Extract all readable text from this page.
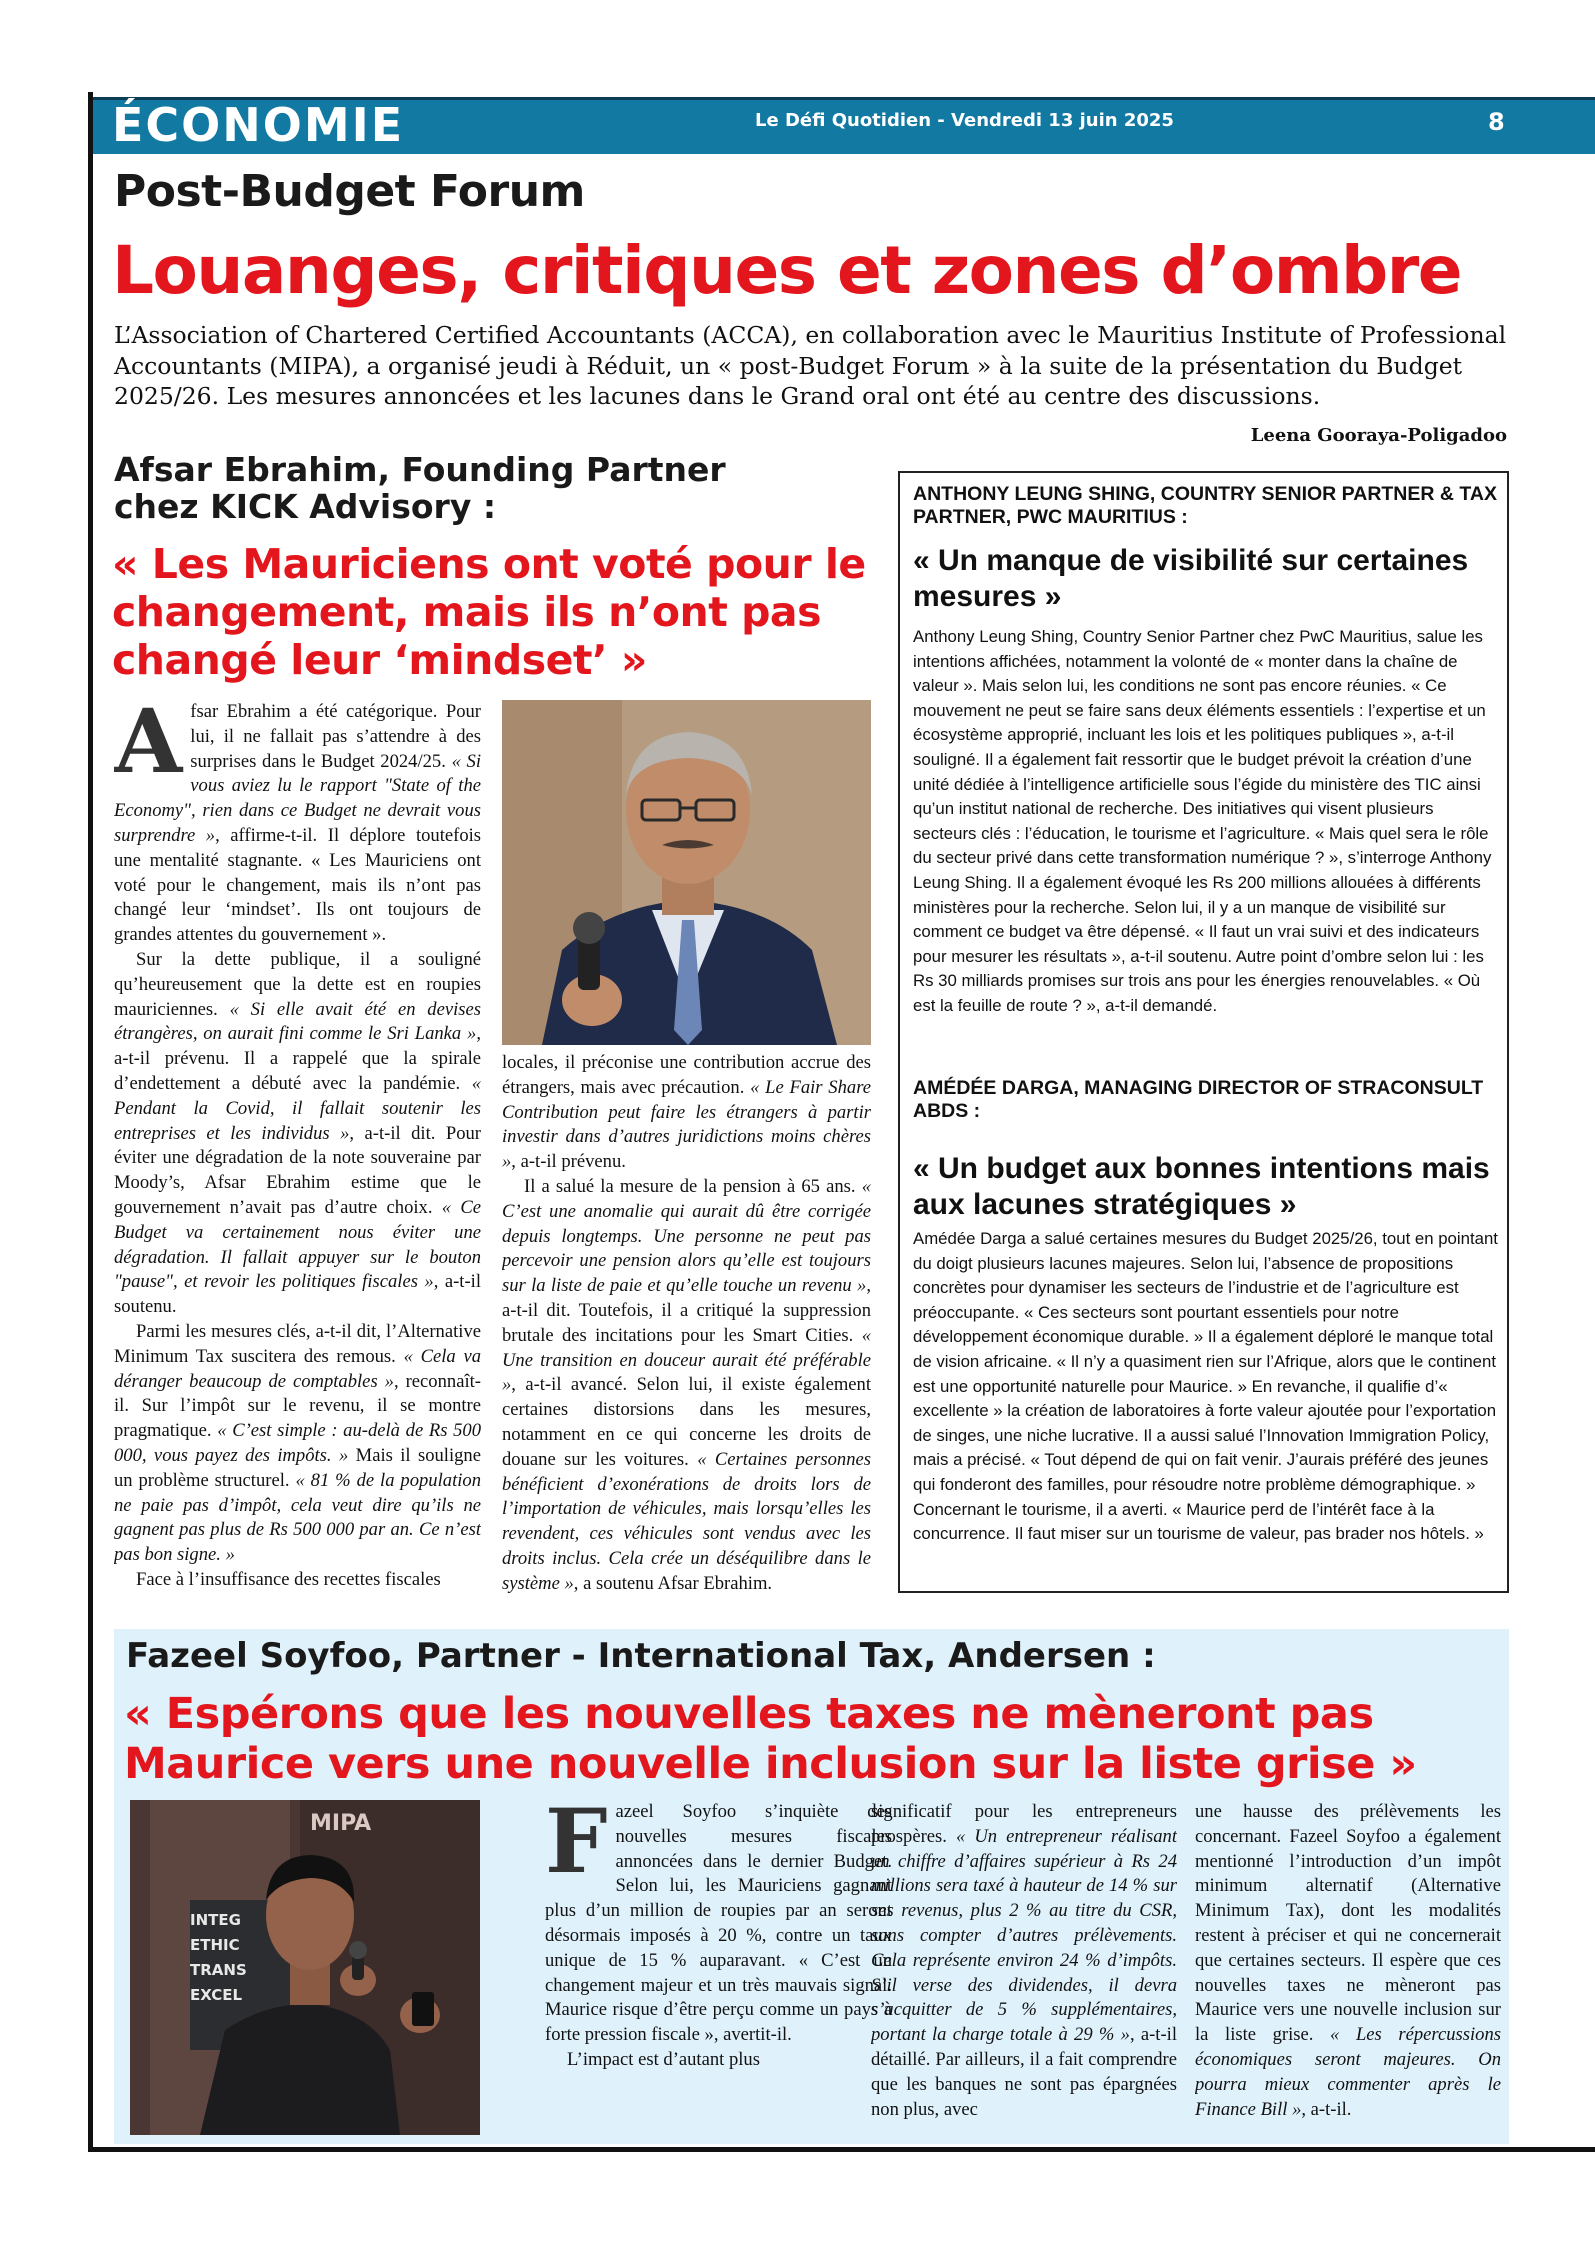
ÉCONOMIE	Le Défi Quotidien - Vendredi 13 juin 2025	8
Post-Budget Forum
Louanges, critiques et zones d’ombre
L’Association of Chartered Certified Accountants (ACCA), en collaboration avec le Mauritius Institute of Professional Accountants (MIPA), a organisé jeudi à Réduit, un « post-Budget Forum » à la suite de la présentation du Budget 2025/26. Les mesures annoncées et les lacunes dans le Grand oral ont été au centre des discussions.
Leena Gooraya-Poligadoo
Afsar Ebrahim, Founding Partner
chez KICK Advisory :
« Les Mauriciens ont voté pour le changement, mais ils n’ont pas changé leur ‘mindset’ »

Afsar Ebrahim a été catégorique. Pour lui, il ne fallait pas s’attendre à des surprises dans le Budget 2024/25. « Si vous aviez lu le rapport "State of the Economy", rien dans ce Budget ne devrait vous surprendre », affirme-t-il. Il déplore toutefois une mentalité stagnante. « Les Mauriciens ont voté pour le changement, mais ils n’ont pas changé leur ‘mindset’. Ils ont toujours de grandes attentes du gouvernement ».

Sur la dette publique, il a souligné qu’heureusement que la dette est en roupies mauriciennes. « Si elle avait été en devises étrangères, on aurait fini comme le Sri Lanka », a-t-il prévenu. Il a rappelé que la spirale d’endettement a débuté avec la pandémie. « Pendant la Covid, il fallait soutenir les entreprises et les individus », a-t-il dit. Pour éviter une dégradation de la note souveraine par Moody’s, Afsar Ebrahim estime que le gouvernement n’avait pas d’autre choix. « Ce Budget va certainement nous éviter une dégradation. Il fallait appuyer sur le bouton "pause", et revoir les politiques fiscales », a-t-il soutenu.

Parmi les mesures clés, a-t-il dit, l’Alternative Minimum Tax suscitera des remous. « Cela va déranger beaucoup de comptables », reconnaît-il. Sur l’impôt sur le revenu, il se montre pragmatique. « C’est simple : au-delà de Rs 500 000, vous payez des impôts. » Mais il souligne un problème structurel. « 81 % de la population ne paie pas d’impôt, cela veut dire qu’ils ne gagnent pas plus de Rs 500 000 par an. Ce n’est pas bon signe. »

Face à l’insuffisance des recettes fiscales

locales, il préconise une contribution accrue des étrangers, mais avec précaution. « Le Fair Share Contribution peut faire les étrangers à partir investir dans d’autres juridictions moins chères », a-t-il prévenu.

Il a salué la mesure de la pension à 65 ans. « C’est une anomalie qui aurait dû être corrigée depuis longtemps. Une personne ne peut pas percevoir une pension alors qu’elle est toujours sur la liste de paie et qu’elle touche un revenu », a-t-il dit. Toutefois, il a critiqué la suppression brutale des incitations pour les Smart Cities. « Une transition en douceur aurait été préférable », a-t-il avancé. Selon lui, il existe également certaines distorsions dans les mesures, notamment en ce qui concerne les droits de douane sur les voitures. « Certaines personnes bénéficient d’exonérations de droits lors de l’importation de véhicules, mais lorsqu’elles les revendent, ces véhicules sont vendus avec les droits inclus. Cela crée un déséquilibre dans le système », a soutenu Afsar Ebrahim.

ANTHONY LEUNG SHING, COUNTRY SENIOR PARTNER & TAX PARTNER, PWC MAURITIUS :
« Un manque de visibilité sur certaines mesures »
Anthony Leung Shing, Country Senior Partner chez PwC Mauritius, salue les intentions affichées, notamment la volonté de « monter dans la chaîne de valeur ». Mais selon lui, les conditions ne sont pas encore réunies. « Ce mouvement ne peut se faire sans deux éléments essentiels : l’expertise et un écosystème approprié, incluant les lois et les politiques publiques », a-t-il souligné. Il a également fait ressortir que le budget prévoit la création d’une unité dédiée à l’intelligence artificielle sous l’égide du ministère des TIC ainsi qu’un institut national de recherche. Des initiatives qui visent plusieurs secteurs clés : l’éducation, le tourisme et l’agriculture. « Mais quel sera le rôle du secteur privé dans cette transformation numérique ? », s’interroge Anthony Leung Shing. Il a également évoqué les Rs 200 millions allouées à différents ministères pour la recherche. Selon lui, il y a un manque de visibilité sur comment ce budget va être dépensé. « Il faut un vrai suivi et des indicateurs pour mesurer les résultats », a-t-il soutenu. Autre point d’ombre selon lui : les Rs 30 milliards promises sur trois ans pour les énergies renouvelables. « Où est la feuille de route ? », a-t-il demandé.
AMÉDÉE DARGA, MANAGING DIRECTOR OF STRACONSULT ABDS :
« Un budget aux bonnes intentions mais aux lacunes stratégiques »
Amédée Darga a salué certaines mesures du Budget 2025/26, tout en pointant du doigt plusieurs lacunes majeures. Selon lui, l’absence de propositions concrètes pour dynamiser les secteurs de l’industrie et de l’agriculture est préoccupante. « Ces secteurs sont pourtant essentiels pour notre développement économique durable. » Il a également déploré le manque total de vision africaine. « Il n’y a quasiment rien sur l’Afrique, alors que le continent est une opportunité naturelle pour Maurice. » En revanche, il qualifie d’« excellente » la création de laboratoires à forte valeur ajoutée pour l’exportation de singes, une niche lucrative. Il a aussi salué l’Innovation Immigration Policy, mais a précisé. « Tout dépend de qui on fait venir. J’aurais préféré des jeunes qui fonderont des familles, pour résoudre notre problème démographique. » Concernant le tourisme, il a averti. « Maurice perd de l’intérêt face à la concurrence. Il faut miser sur un tourisme de valeur, pas brader nos hôtels. »
Fazeel Soyfoo, Partner - International Tax, Andersen :
« Espérons que les nouvelles taxes ne mèneront pas
Maurice vers une nouvelle inclusion sur la liste grise »
INTEG
ETHIC
TRANS
EXCEL
MIPA Fazeel Soyfoo s’inquiète des nouvelles mesures fiscales annoncées dans le dernier Budget. Selon lui, les Mauriciens gagnant plus d’un million de roupies par an seront désormais imposés à 20 %, contre un taux unique de 15 % auparavant. « C’est un changement majeur et un très mauvais signal. Maurice risque d’être perçu comme un pays à forte pression fiscale », avertit-il.

L’impact est d’autant plus

significatif pour les entrepreneurs prospères. « Un entrepreneur réalisant un chiffre d’affaires supérieur à Rs 24 millions sera taxé à hauteur de 14 % sur ses revenus, plus 2 % au titre du CSR, sans compter d’autres prélèvements. Cela représente environ 24 % d’impôts. S’il verse des dividendes, il devra s’acquitter de 5 % supplémentaires, portant la charge totale à 29 % », a-t-il détaillé. Par ailleurs, il a fait comprendre que les banques ne sont pas épargnées non plus, avec

une hausse des prélèvements les concernant. Fazeel Soyfoo a également mentionné l’introduction d’un impôt minimum alternatif (Alternative Minimum Tax), dont les modalités restent à préciser et qui ne concernerait que certaines secteurs. Il espère que ces nouvelles taxes ne mèneront pas Maurice vers une nouvelle inclusion sur la liste grise. « Les répercussions économiques seront majeures. On pourra mieux commenter après le Finance Bill », a-t-il.
